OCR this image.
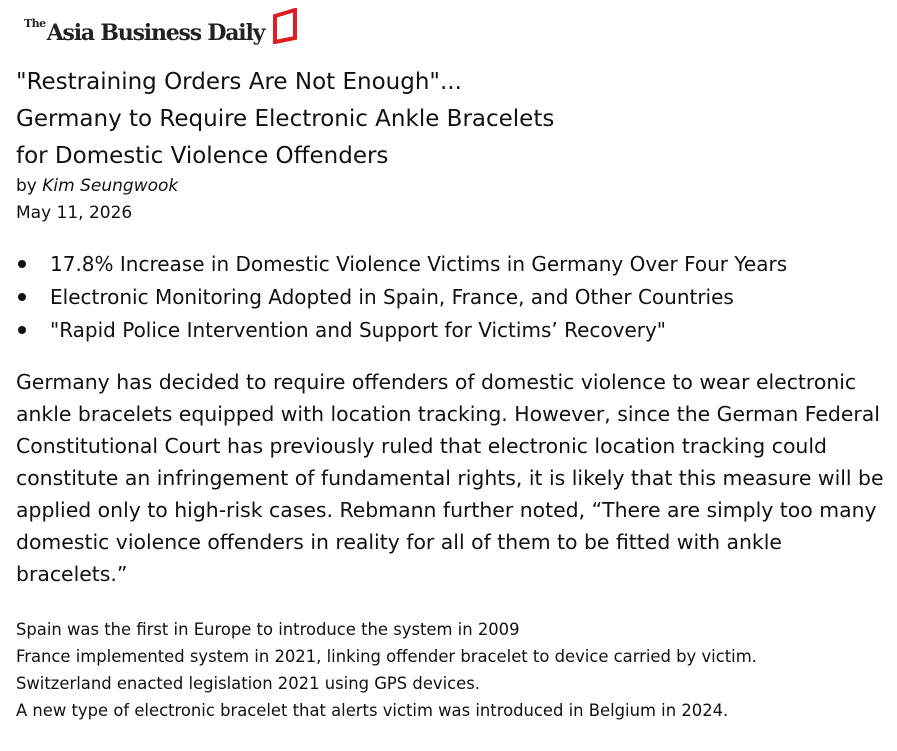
The Asia Business Daily
"Restraining Orders Are Not Enough"...
Germany to Require Electronic Ankle Bracelets
for Domestic Violence Offenders
by Kim Seungwook
May 11, 2026
17.8% Increase in Domestic Violence Victims in Germany Over Four Years
Electronic Monitoring Adopted in Spain, France, and Other Countries
"Rapid Police Intervention and Support for Victims’ Recovery"

Germany has decided to require offenders of domestic violence to wear electronic ankle bracelets equipped with location tracking. However, since the German Federal Constitutional Court has previously ruled that electronic location tracking could constitute an infringement of fundamental rights, it is likely that this measure will be applied only to high-risk cases. Rebmann further noted, “There are simply too many domestic violence offenders in reality for all of them to be fitted with ankle bracelets.”

Spain was the first in Europe to introduce the system in 2009
France implemented system in 2021, linking offender bracelet to device carried by victim.
Switzerland enacted legislation 2021 using GPS devices.
A new type of electronic bracelet that alerts victim was introduced in Belgium in 2024.
